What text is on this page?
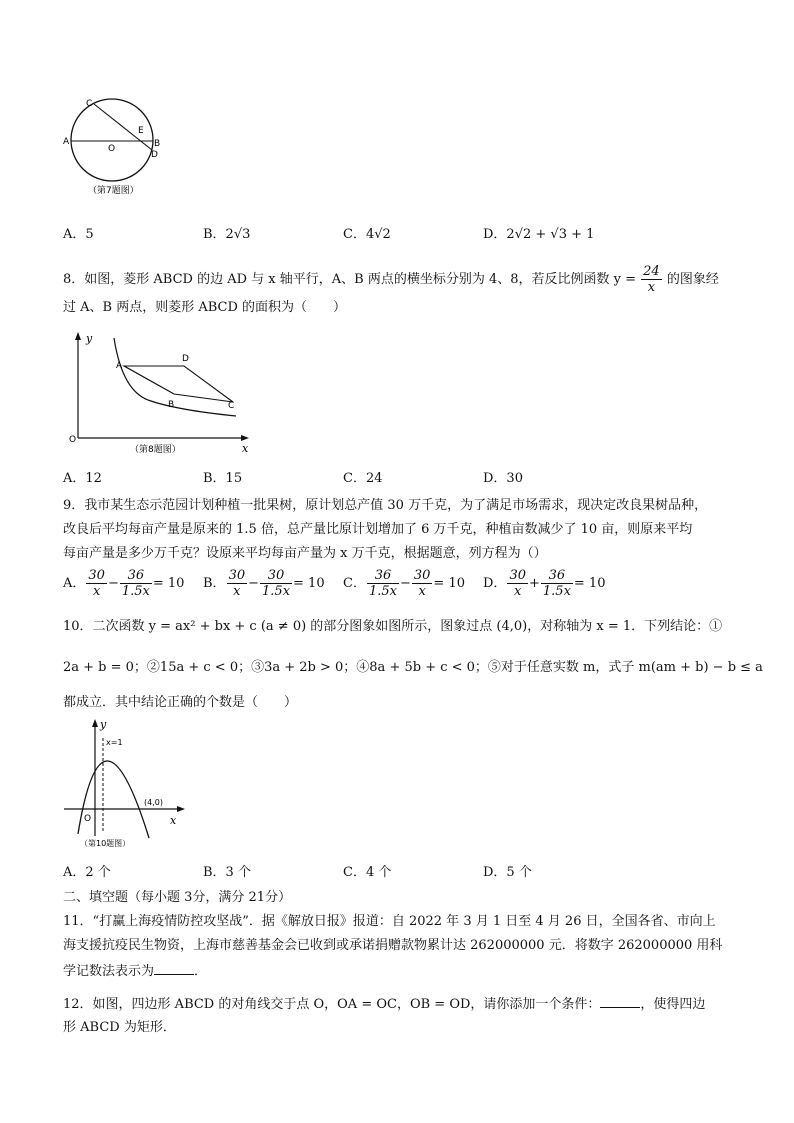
C
A
O
E
B
D
（第7题图）
A．5	B．2√3	C．4√2	D．2√2 + √3 + 1
8．如图，菱形 ABCD 的边 AD 与 x 轴平行，A、B 两点的横坐标分别为 4、8，若反比例函数 $y = \frac{24}{x}$ 的图象经
过 A、B 两点，则菱形 ABCD 的面积为（　　）
y
A
D
B	C
O
x
（第8题图）
A．12	B．15	C．24	D．30
9．我市某生态示范园计划种植一批果树，原计划总产值 30 万千克，为了满足市场需求，现决定改良果树品种，
改良后平均每亩产量是原来的 1.5 倍，总产量比原计划增加了 6 万千克，种植亩数减少了 10 亩，则原来平均
每亩产量是多少万千克？设原来平均每亩产量为 x 万千克，根据题意，列方程为（）
A． $\frac{30}{x} - \frac{36}{1.5x} = 10$ B． $\frac{30}{x} - \frac{30}{1.5x} = 10$ C． $\frac{36}{1.5x} - \frac{30}{x} = 10$ D． $\frac{30}{x} + \frac{36}{1.5x} = 10$
10．二次函数 y = ax² + bx + c (a ≠ 0) 的部分图象如图所示，图象过点 (4,0)，对称轴为 x = 1．下列结论：①
2a + b = 0；②15a + c < 0；③3a + 2b > 0；④8a + 5b + c < 0；⑤对于任意实数 m，式子 m(am + b) − b ≤ a
都成立．其中结论正确的个数是（　　）
y
x=1
(4,0)
O	x
（第10题图）
A．2 个	B．3 个	C．4 个	D．5 个
二、填空题（每小题 3分，满分 21分）
11．“打赢上海疫情防控攻坚战”．据《解放日报》报道：自 2022 年 3 月 1 日至 4 月 26 日，全国各省、市向上
海支援抗疫民生物资，上海市慈善基金会已收到或承诺捐赠款物累计达 262000000 元．将数字 262000000 用科
学记数法表示为	．
12．如图，四边形 ABCD 的对角线交于点 O，OA = OC，OB = OD，请你添加一个条件：	，使得四边
形 ABCD 为矩形．
